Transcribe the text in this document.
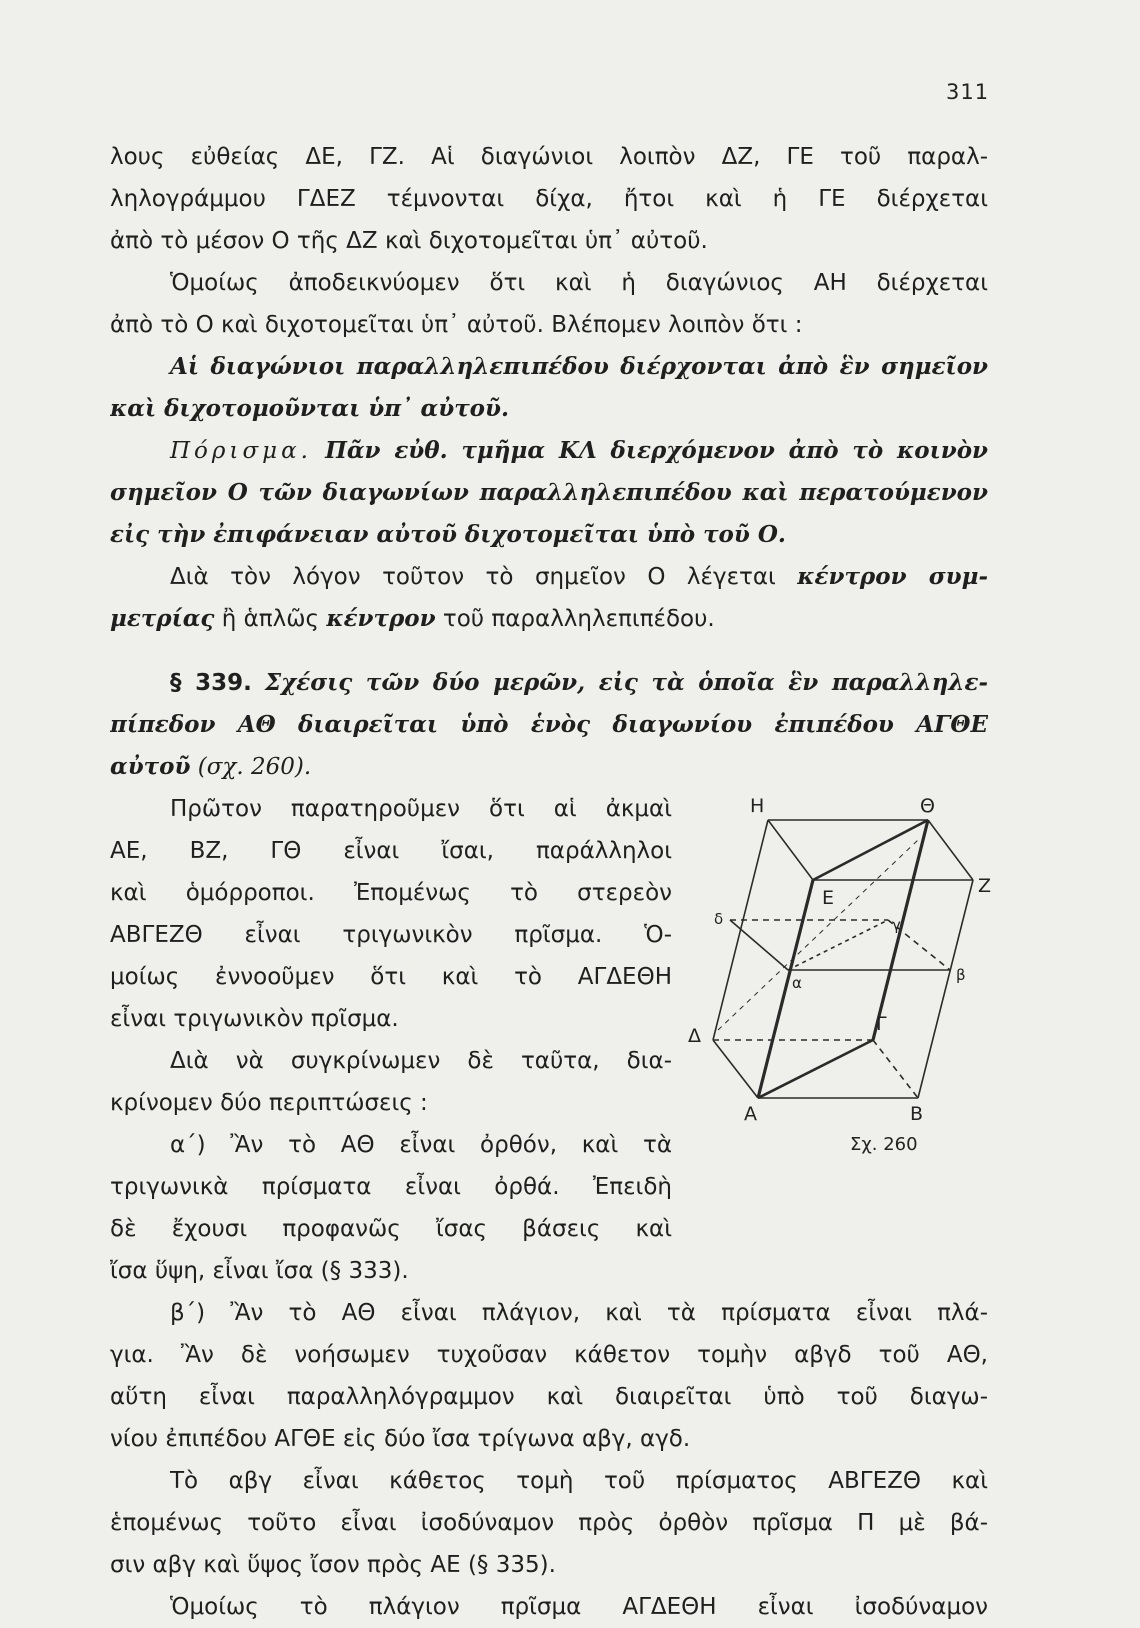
311
λους εὐθείας ΔΕ, ΓΖ. Αἱ διαγώνιοι λοιπὸν ΔΖ, ΓΕ τοῦ παραλ-
ληλογράμμου ΓΔΕΖ τέμνονται δίχα, ἤτοι καὶ ἡ ΓΕ διέρχεται
ἀπὸ τὸ μέσον Ο τῆς ΔΖ καὶ διχοτομεῖται ὑπ᾽ αὐτοῦ.
Ὁμοίως ἀποδεικνύομεν ὅτι καὶ ἡ διαγώνιος ΑΗ διέρχεται
ἀπὸ τὸ Ο καὶ διχοτομεῖται ὑπ᾽ αὐτοῦ. Βλέπομεν λοιπὸν ὅτι :
Αἱ διαγώνιοι παραλληλεπιπέδου διέρχονται ἀπὸ ἓν σημεῖον
καὶ διχοτομοῦνται ὑπ᾽ αὐτοῦ.
Πόρισμα. Πᾶν εὐθ. τμῆμα ΚΛ διερχόμενον ἀπὸ τὸ κοινὸν
σημεῖον Ο τῶν διαγωνίων παραλληλεπιπέδου καὶ περατούμενον
εἰς τὴν ἐπιφάνειαν αὐτοῦ διχοτομεῖται ὑπὸ τοῦ Ο.
Διὰ τὸν λόγον τοῦτον τὸ σημεῖον Ο λέγεται κέντρον συμ-
μετρίας ἢ ἁπλῶς κέντρον τοῦ παραλληλεπιπέδου.
§ 339. Σχέσις τῶν δύο μερῶν, εἰς τὰ ὁποῖα ἓν παραλληλε-
πίπεδον ΑΘ διαιρεῖται ὑπὸ ἑνὸς διαγωνίου ἐπιπέδου ΑΓΘΕ
αὐτοῦ (σχ. 260).
Πρῶτον παρατηροῦμεν ὅτι αἱ ἀκμαὶ
ΑΕ, ΒΖ, ΓΘ εἶναι ἴσαι, παράλληλοι
καὶ ὁμόρροποι. Ἐπομένως τὸ στερεὸν
ΑΒΓΕΖΘ εἶναι τριγωνικὸν πρῖσμα. Ὁ-
μοίως ἐννοοῦμεν ὅτι καὶ τὸ ΑΓΔΕΘΗ
εἶναι τριγωνικὸν πρῖσμα.
Διὰ νὰ συγκρίνωμεν δὲ ταῦτα, δια-
κρίνομεν δύο περιπτώσεις :
α΄) Ἂν τὸ ΑΘ εἶναι ὀρθόν, καὶ τὰ
τριγωνικὰ πρίσματα εἶναι ὀρθά. Ἐπειδὴ
δὲ ἔχουσι προφανῶς ἴσας βάσεις καὶ
ἴσα ὕψη, εἶναι ἴσα (§ 333).
Η	Θ
Ε
Z
δ	γ
α	β
Δ
Γ
Α	Β
Σχ. 260
β΄) Ἂν τὸ ΑΘ εἶναι πλάγιον, καὶ τὰ πρίσματα εἶναι πλά-
για. Ἂν δὲ νοήσωμεν τυχοῦσαν κάθετον τομὴν αβγδ τοῦ ΑΘ,
αὕτη εἶναι παραλληλόγραμμον καὶ διαιρεῖται ὑπὸ τοῦ διαγω-
νίου ἐπιπέδου ΑΓΘΕ εἰς δύο ἴσα τρίγωνα αβγ, αγδ.
Τὸ αβγ εἶναι κάθετος τομὴ τοῦ πρίσματος ΑΒΓΕΖΘ καὶ
ἑπομένως τοῦτο εἶναι ἰσοδύναμον πρὸς ὀρθὸν πρῖσμα Π μὲ βά-
σιν αβγ καὶ ὕψος ἴσον πρὸς ΑΕ (§ 335).
Ὁμοίως τὸ πλάγιον πρῖσμα ΑΓΔΕΘΗ εἶναι ἰσοδύναμον
